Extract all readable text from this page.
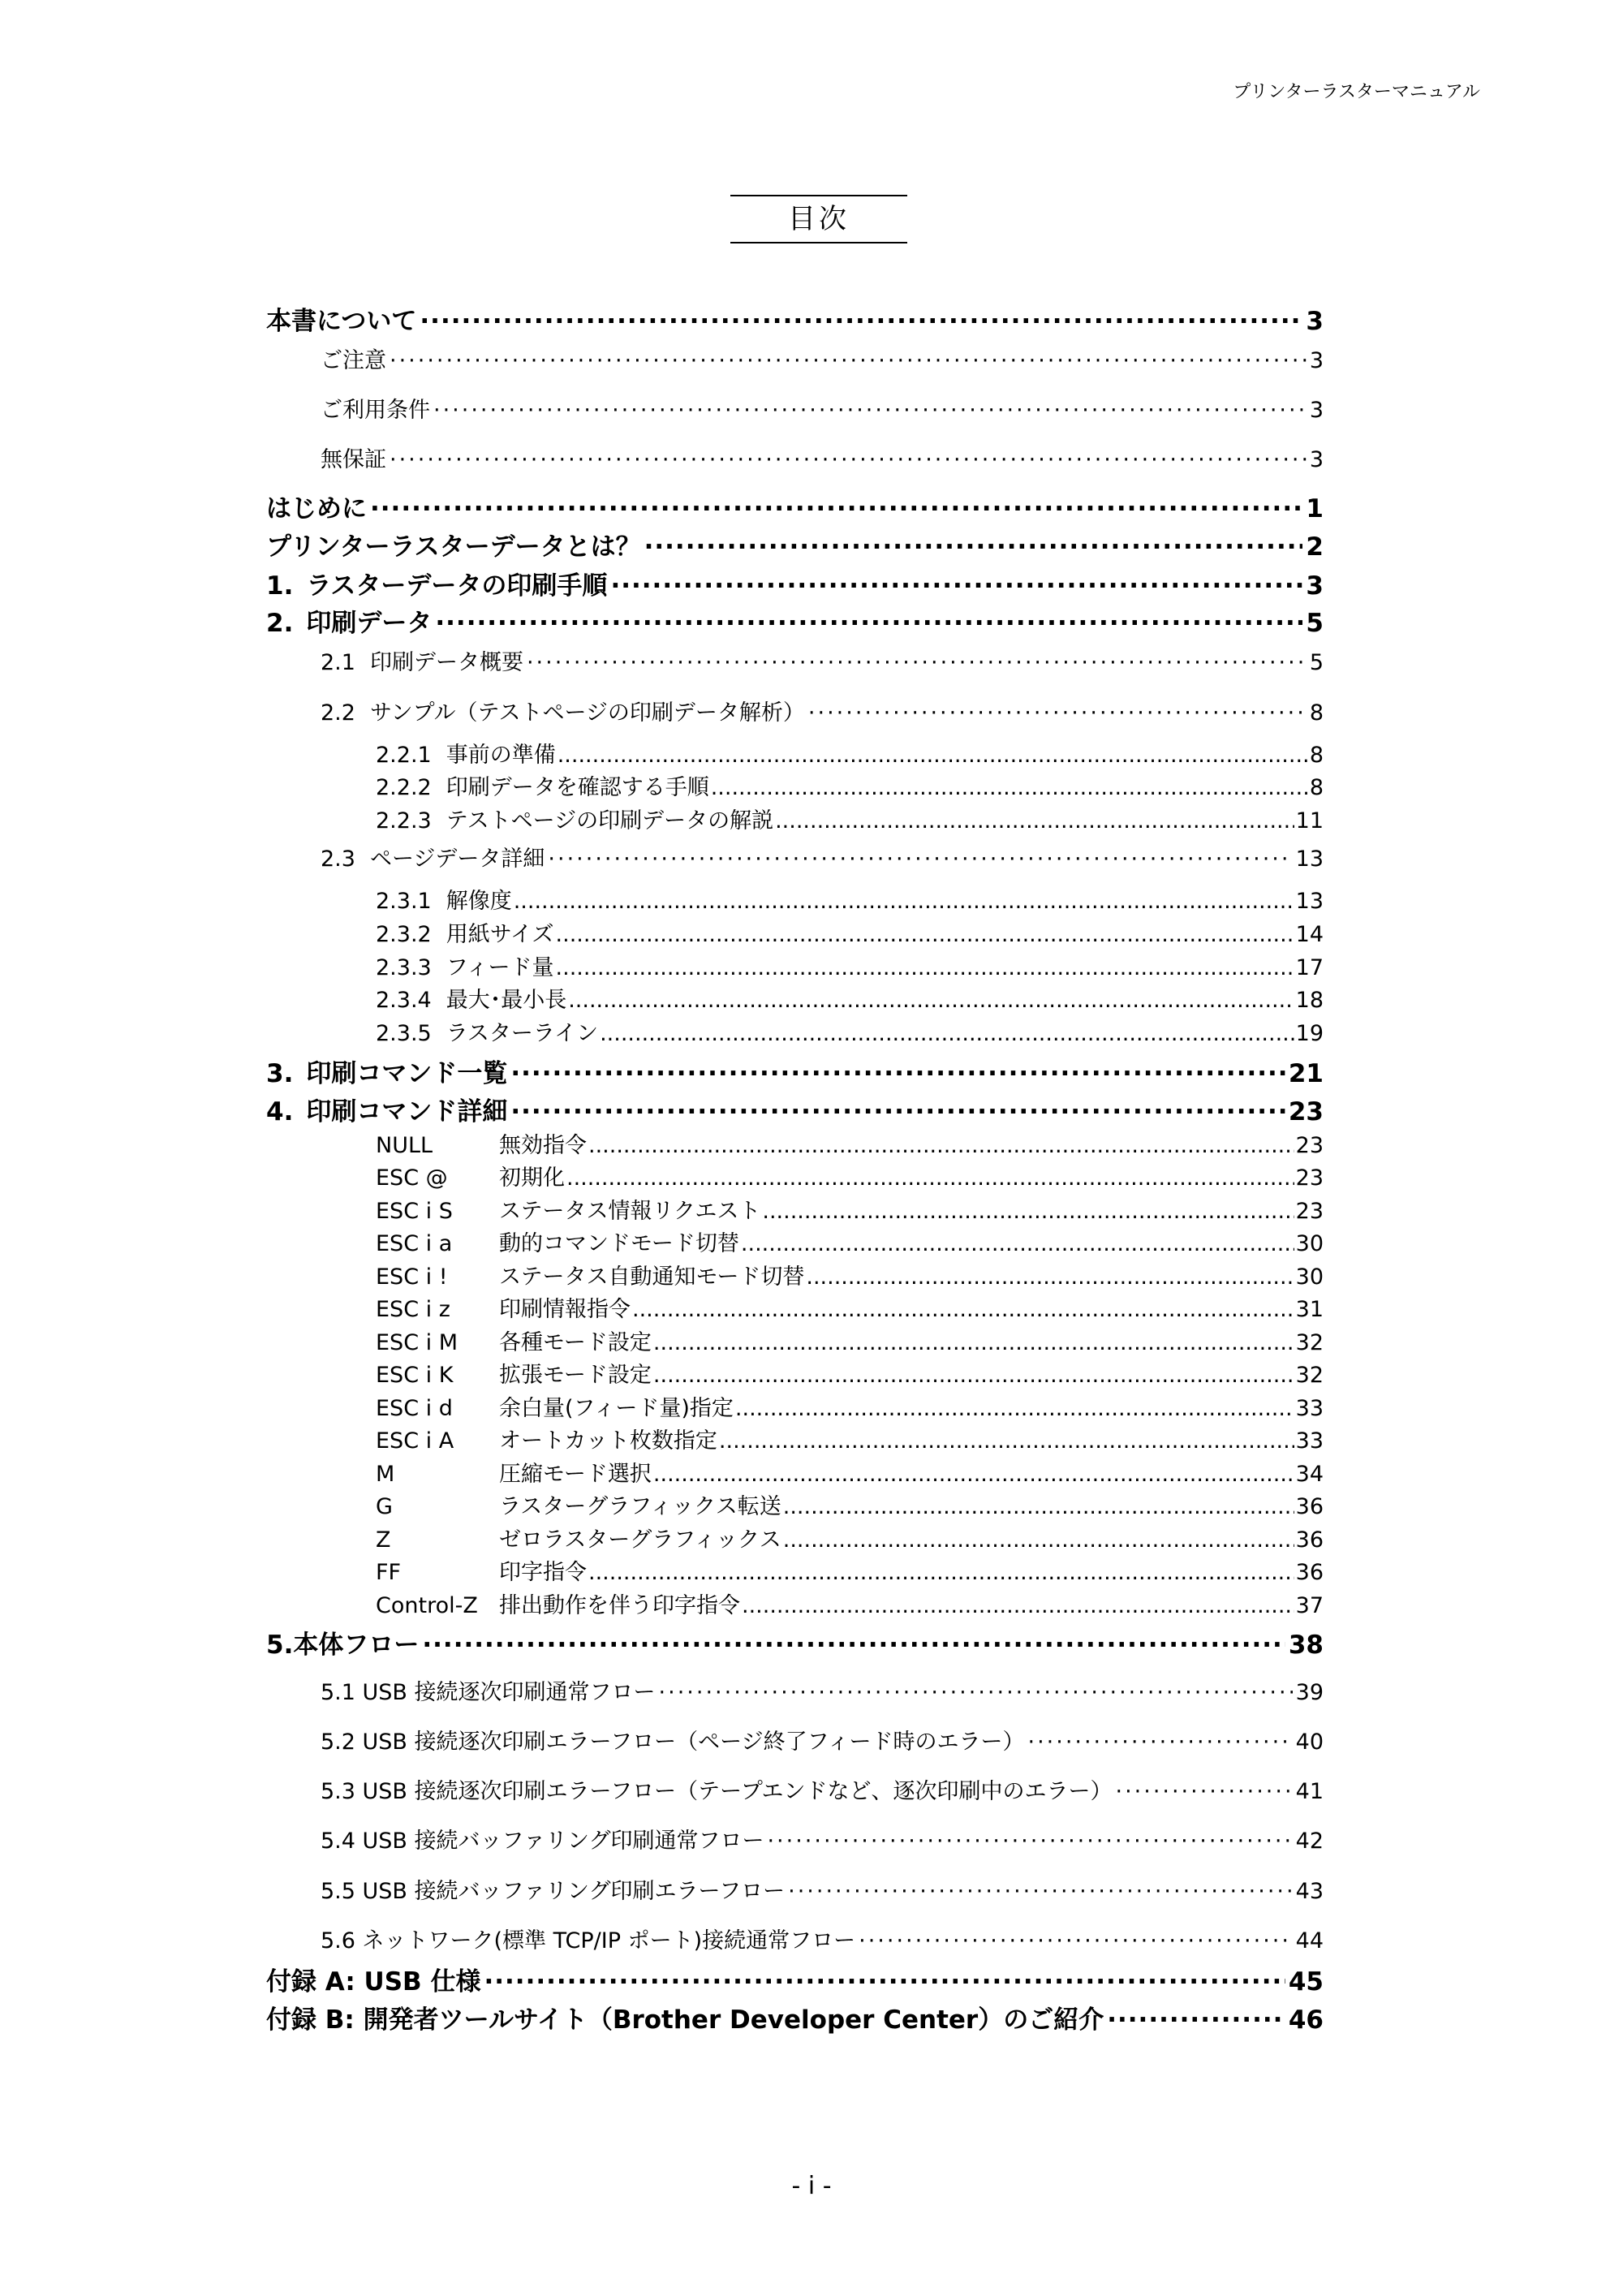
プリンターラスターマニュアル
目次
本書について ·····	3
ご注意 ·····	3
ご利用条件 ·····	3
無保証 ·····	3
はじめに ·····	1
プリンターラスターデータとは？ ·····	2
1. ラスターデータの印刷手順 ·····	3
2. 印刷データ ·····	5
2.1 印刷データ概要 ·····	5
2.2 サンプル（テストページの印刷データ解析） ·····	8
2.2.1 事前の準備 .....	8
2.2.2 印刷データを確認する手順 .....	8
2.2.3 テストページの印刷データの解説 .....	11
2.3 ページデータ詳細 ·····	13
2.3.1 解像度 .....	13
2.3.2 用紙サイズ .....	14
2.3.3 フィード量 .....	17
2.3.4 最大･最小長 .....	18
2.3.5 ラスターライン .....	19
3. 印刷コマンド一覧 ·····	21
4. 印刷コマンド詳細 ·····	23
NULL	無効指令 .....	23
ESC @	初期化 .....	23
ESC i S	ステータス情報リクエスト .....	23
ESC i a	動的コマンドモード切替 .....	30
ESC i !	ステータス自動通知モード切替 .....	30
ESC i z	印刷情報指令 .....	31
ESC i M	各種モード設定 .....	32
ESC i K	拡張モード設定 .....	32
ESC i d	余白量(フィード量)指定 .....	33
ESC i A	オートカット枚数指定 .....	33
M	圧縮モード選択 .....	34
G	ラスターグラフィックス転送 .....	36
Z	ゼロラスターグラフィックス .....	36
FF	印字指令 .....	36
Control-Z 排出動作を伴う印字指令 .....	37
5.本体フロー ·····	38
5.1 USB 接続逐次印刷通常フロー ·····	39
5.2 USB 接続逐次印刷エラーフロー（ページ終了フィード時のエラー） ·····	40
5.3 USB 接続逐次印刷エラーフロー（テープエンドなど、逐次印刷中のエラー） ·····	41
5.4 USB 接続バッファリング印刷通常フロー ·····	42
5.5 USB 接続バッファリング印刷エラーフロー ·····	43
5.6 ネットワーク(標準 TCP/IP ポート)接続通常フロー ·····	44
付録 A: USB 仕様 ·····	45
付録 B: 開発者ツールサイト（Brother Developer Center）のご紹介 ·····	46
- i -
